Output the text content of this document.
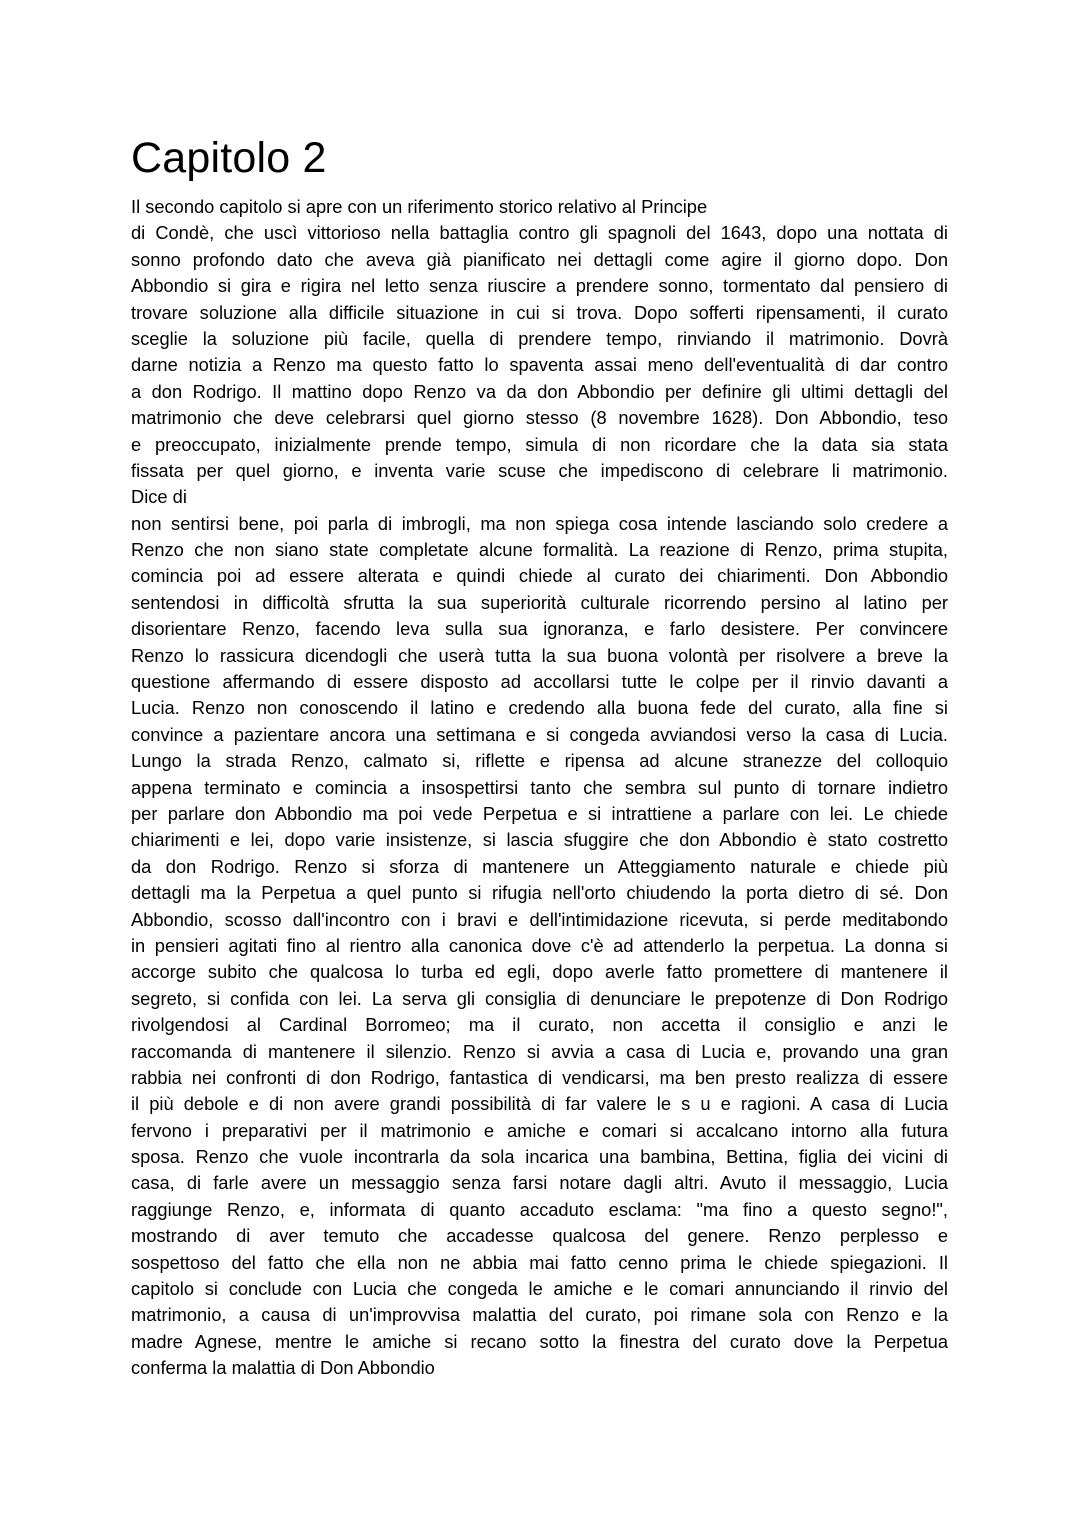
Capitolo 2
Il secondo capitolo si apre con un riferimento storico relativo al Principe
di Condè, che uscì vittorioso nella battaglia contro gli spagnoli del 1643, dopo una nottata di
sonno profondo dato che aveva già pianificato nei dettagli come agire il giorno dopo. Don
Abbondio si gira e rigira nel letto senza riuscire a prendere sonno, tormentato dal pensiero di
trovare soluzione alla difficile situazione in cui si trova. Dopo sofferti ripensamenti, il curato
sceglie la soluzione più facile, quella di prendere tempo, rinviando il matrimonio. Dovrà
darne notizia a Renzo ma questo fatto lo spaventa assai meno dell'eventualità di dar contro
a don Rodrigo. Il mattino dopo Renzo va da don Abbondio per definire gli ultimi dettagli del
matrimonio che deve celebrarsi quel giorno stesso (8 novembre 1628). Don Abbondio, teso
e preoccupato, inizialmente prende tempo, simula di non ricordare che la data sia stata
fissata per quel giorno, e inventa varie scuse che impediscono di celebrare li matrimonio.
Dice di
non sentirsi bene, poi parla di imbrogli, ma non spiega cosa intende lasciando solo credere a
Renzo che non siano state completate alcune formalità. La reazione di Renzo, prima stupita,
comincia poi ad essere alterata e quindi chiede al curato dei chiarimenti. Don Abbondio
sentendosi in difficoltà sfrutta la sua superiorità culturale ricorrendo persino al latino per
disorientare Renzo, facendo leva sulla sua ignoranza, e farlo desistere. Per convincere
Renzo lo rassicura dicendogli che userà tutta la sua buona volontà per risolvere a breve la
questione affermando di essere disposto ad accollarsi tutte le colpe per il rinvio davanti a
Lucia. Renzo non conoscendo il latino e credendo alla buona fede del curato, alla fine si
convince a pazientare ancora una settimana e si congeda avviandosi verso la casa di Lucia.
Lungo la strada Renzo, calmato si, riflette e ripensa ad alcune stranezze del colloquio
appena terminato e comincia a insospettirsi tanto che sembra sul punto di tornare indietro
per parlare don Abbondio ma poi vede Perpetua e si intrattiene a parlare con lei. Le chiede
chiarimenti e lei, dopo varie insistenze, si lascia sfuggire che don Abbondio è stato costretto
da don Rodrigo. Renzo si sforza di mantenere un Atteggiamento naturale e chiede più
dettagli ma la Perpetua a quel punto si rifugia nell'orto chiudendo la porta dietro di sé. Don
Abbondio, scosso dall'incontro con i bravi e dell'intimidazione ricevuta, si perde meditabondo
in pensieri agitati fino al rientro alla canonica dove c'è ad attenderlo la perpetua. La donna si
accorge subito che qualcosa lo turba ed egli, dopo averle fatto promettere di mantenere il
segreto, si confida con lei. La serva gli consiglia di denunciare le prepotenze di Don Rodrigo
rivolgendosi al Cardinal Borromeo; ma il curato, non accetta il consiglio e anzi le
raccomanda di mantenere il silenzio. Renzo si avvia a casa di Lucia e, provando una gran
rabbia nei confronti di don Rodrigo, fantastica di vendicarsi, ma ben presto realizza di essere
il più debole e di non avere grandi possibilità di far valere le s u e ragioni. A casa di Lucia
fervono i preparativi per il matrimonio e amiche e comari si accalcano intorno alla futura
sposa. Renzo che vuole incontrarla da sola incarica una bambina, Bettina, figlia dei vicini di
casa, di farle avere un messaggio senza farsi notare dagli altri. Avuto il messaggio, Lucia
raggiunge Renzo, e, informata di quanto accaduto esclama: "ma fino a questo segno!",
mostrando di aver temuto che accadesse qualcosa del genere. Renzo perplesso e
sospettoso del fatto che ella non ne abbia mai fatto cenno prima le chiede spiegazioni. Il
capitolo si conclude con Lucia che congeda le amiche e le comari annunciando il rinvio del
matrimonio, a causa di un'improvvisa malattia del curato, poi rimane sola con Renzo e la
madre Agnese, mentre le amiche si recano sotto la finestra del curato dove la Perpetua
conferma la malattia di Don Abbondio
